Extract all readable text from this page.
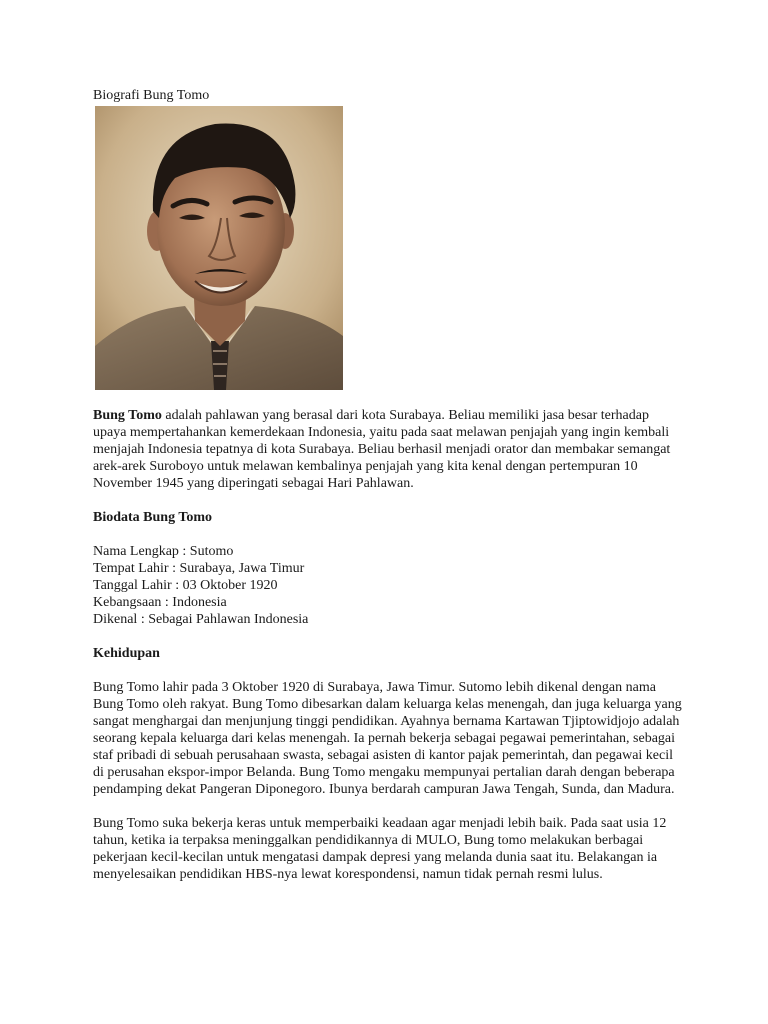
Biografi Bung Tomo

Bung Tomo adalah pahlawan yang berasal dari kota Surabaya. Beliau memiliki jasa besar terhadap upaya mempertahankan kemerdekaan Indonesia, yaitu pada saat melawan penjajah yang ingin kembali menjajah Indonesia tepatnya di kota Surabaya. Beliau berhasil menjadi orator dan membakar semangat arek-arek Suroboyo untuk melawan kembalinya penjajah yang kita kenal dengan pertempuran 10 November 1945 yang diperingati sebagai Hari Pahlawan.

Biodata Bung Tomo
Nama Lengkap : Sutomo
Tempat Lahir : Surabaya, Jawa Timur
Tanggal Lahir : 03 Oktober 1920
Kebangsaan : Indonesia
Dikenal : Sebagai Pahlawan Indonesia
Kehidupan

Bung Tomo lahir pada 3 Oktober 1920 di Surabaya, Jawa Timur. Sutomo lebih dikenal dengan nama Bung Tomo oleh rakyat. Bung Tomo dibesarkan dalam keluarga kelas menengah, dan juga keluarga yang sangat menghargai dan menjunjung tinggi pendidikan. Ayahnya bernama Kartawan Tjiptowidjojo adalah seorang kepala keluarga dari kelas menengah. Ia pernah bekerja sebagai pegawai pemerintahan, sebagai staf pribadi di sebuah perusahaan swasta, sebagai asisten di kantor pajak pemerintah, dan pegawai kecil di perusahan ekspor-impor Belanda. Bung Tomo mengaku mempunyai pertalian darah dengan beberapa pendamping dekat Pangeran Diponegoro. Ibunya berdarah campuran Jawa Tengah, Sunda, dan Madura.

Bung Tomo suka bekerja keras untuk memperbaiki keadaan agar menjadi lebih baik. Pada saat usia 12 tahun, ketika ia terpaksa meninggalkan pendidikannya di MULO, Bung tomo melakukan berbagai pekerjaan kecil-kecilan untuk mengatasi dampak depresi yang melanda dunia saat itu. Belakangan ia menyelesaikan pendidikan HBS-nya lewat korespondensi, namun tidak pernah resmi lulus.
